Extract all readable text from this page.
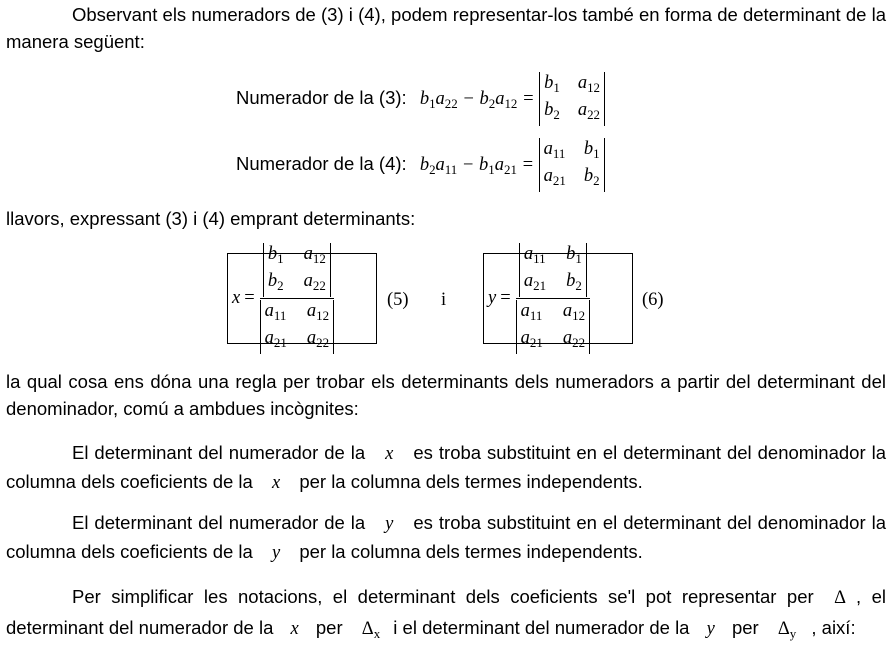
Observant els numeradors de (3) i (4), podem representar-los també en forma de determinant de la manera següent:
Numerador de la (3): $b_1a_{22} - b_2a_{12}$ =
$b_1$ $a_{12}$
$b_2$ $a_{22}$
Numerador de la (4): $b_2a_{11} - b_1a_{21}$ =
$a_{11}$ $b_1$
$a_{21}$ $b_2$
llavors, expressant (3) i (4) emprant determinants:
$x = b_1$ $a_{12}$
$b_2$ $a_{22}$
$a_{11}$ $a_{12}$
$a_{21}$ $a_{22}$	(5) i $y = a_{11}$ $b_1$
$a_{21}$ $b_2$
$a_{11}$ $a_{12}$
$a_{21}$ $a_{22}$	(6)
la qual cosa ens dóna una regla per trobar els determinants dels numeradors a partir del determinant del denominador, comú a ambdues incògnites:
El determinant del numerador de la x es troba substituint en el determinant del denominador la columna dels coeficients de la x per la columna dels termes independents.
El determinant del numerador de la y es troba substituint en el determinant del denominador la columna dels coeficients de la y per la columna dels termes independents.
Per simplificar les notacions, el determinant dels coeficients se'l pot representar per Δ , el determinant del numerador de la x per $\Delta_x$ i el determinant del numerador de la y per $\Delta_y$ , així:
